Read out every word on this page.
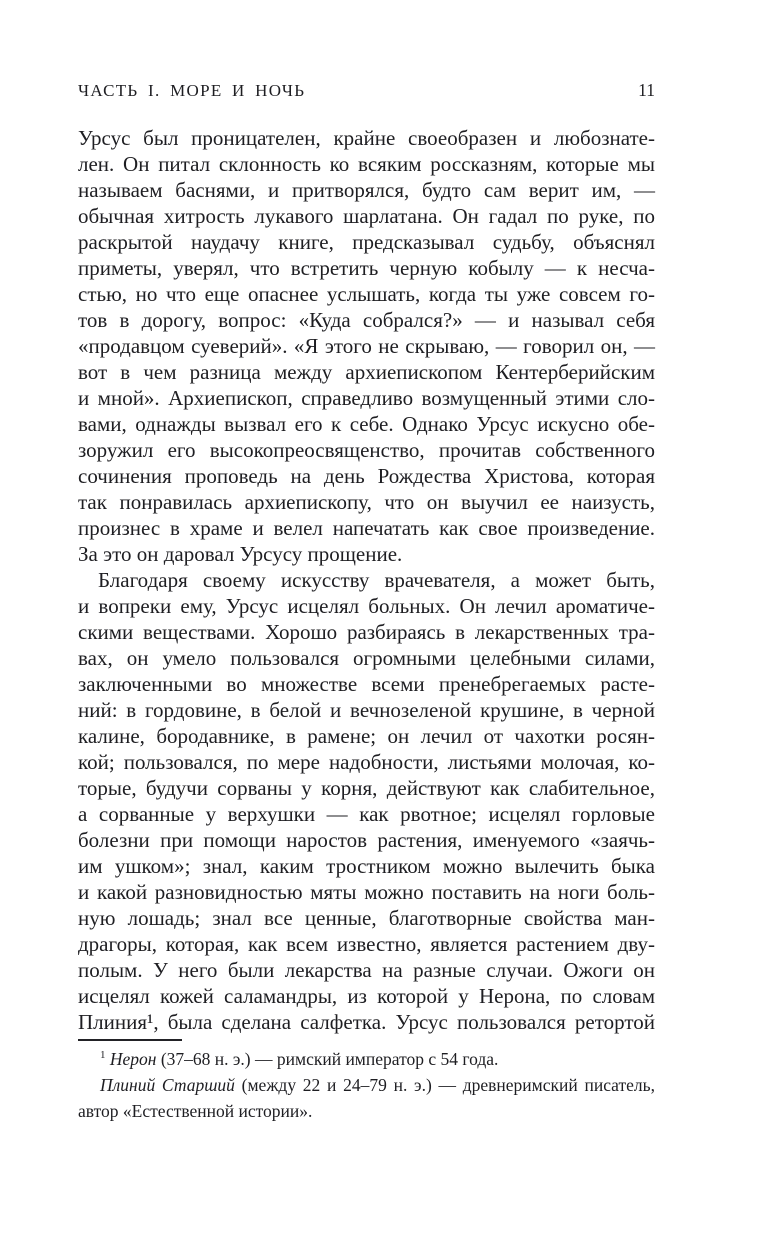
ЧАСТЬ I. МОРЕ И НОЧЬ	11
Урсус был проницателен, крайне своеобразен и любознате-
лен. Он питал склонность ко всяким россказням, которые мы
называем баснями, и притворялся, будто сам верит им, —
обычная хитрость лукавого шарлатана. Он гадал по руке, по
раскрытой наудачу книге, предсказывал судьбу, объяснял
приметы, уверял, что встретить черную кобылу — к несча-
стью, но что еще опаснее услышать, когда ты уже совсем го-
тов в дорогу, вопрос: «Куда собрался?» — и называл себя
«продавцом суеверий». «Я этого не скрываю, — говорил он, —
вот в чем разница между архиепископом Кентерберийским
и мной». Архиепископ, справедливо возмущенный этими сло-
вами, однажды вызвал его к себе. Однако Урсус искусно обе-
зоружил его высокопреосвященство, прочитав собственного
сочинения проповедь на день Рождества Христова, которая
так понравилась архиепископу, что он выучил ее наизусть,
произнес в храме и велел напечатать как свое произведение.
За это он даровал Урсусу прощение.
Благодаря своему искусству врачевателя, а может быть,
и вопреки ему, Урсус исцелял больных. Он лечил ароматиче-
скими веществами. Хорошо разбираясь в лекарственных тра-
вах, он умело пользовался огромными целебными силами,
заключенными во множестве всеми пренебрегаемых расте-
ний: в гордовине, в белой и вечнозеленой крушине, в черной
калине, бородавнике, в рамене; он лечил от чахотки росян-
кой; пользовался, по мере надобности, листьями молочая, ко-
торые, будучи сорваны у корня, действуют как слабительное,
а сорванные у верхушки — как рвотное; исцелял горловые
болезни при помощи наростов растения, именуемого «заячь-
им ушком»; знал, каким тростником можно вылечить быка
и какой разновидностью мяты можно поставить на ноги боль-
ную лошадь; знал все ценные, благотворные свойства ман-
драгоры, которая, как всем известно, является растением дву-
полым. У него были лекарства на разные случаи. Ожоги он
исцелял кожей саламандры, из которой у Нерона, по словам
Плиния¹, была сделана салфетка. Урсус пользовался ретортой
$^1$ Нерон (37–68 н. э.) — римский император с 54 года.
Плиний Старший (между 22 и 24–79 н. э.) — древнеримский писатель,
автор «Естественной истории».
